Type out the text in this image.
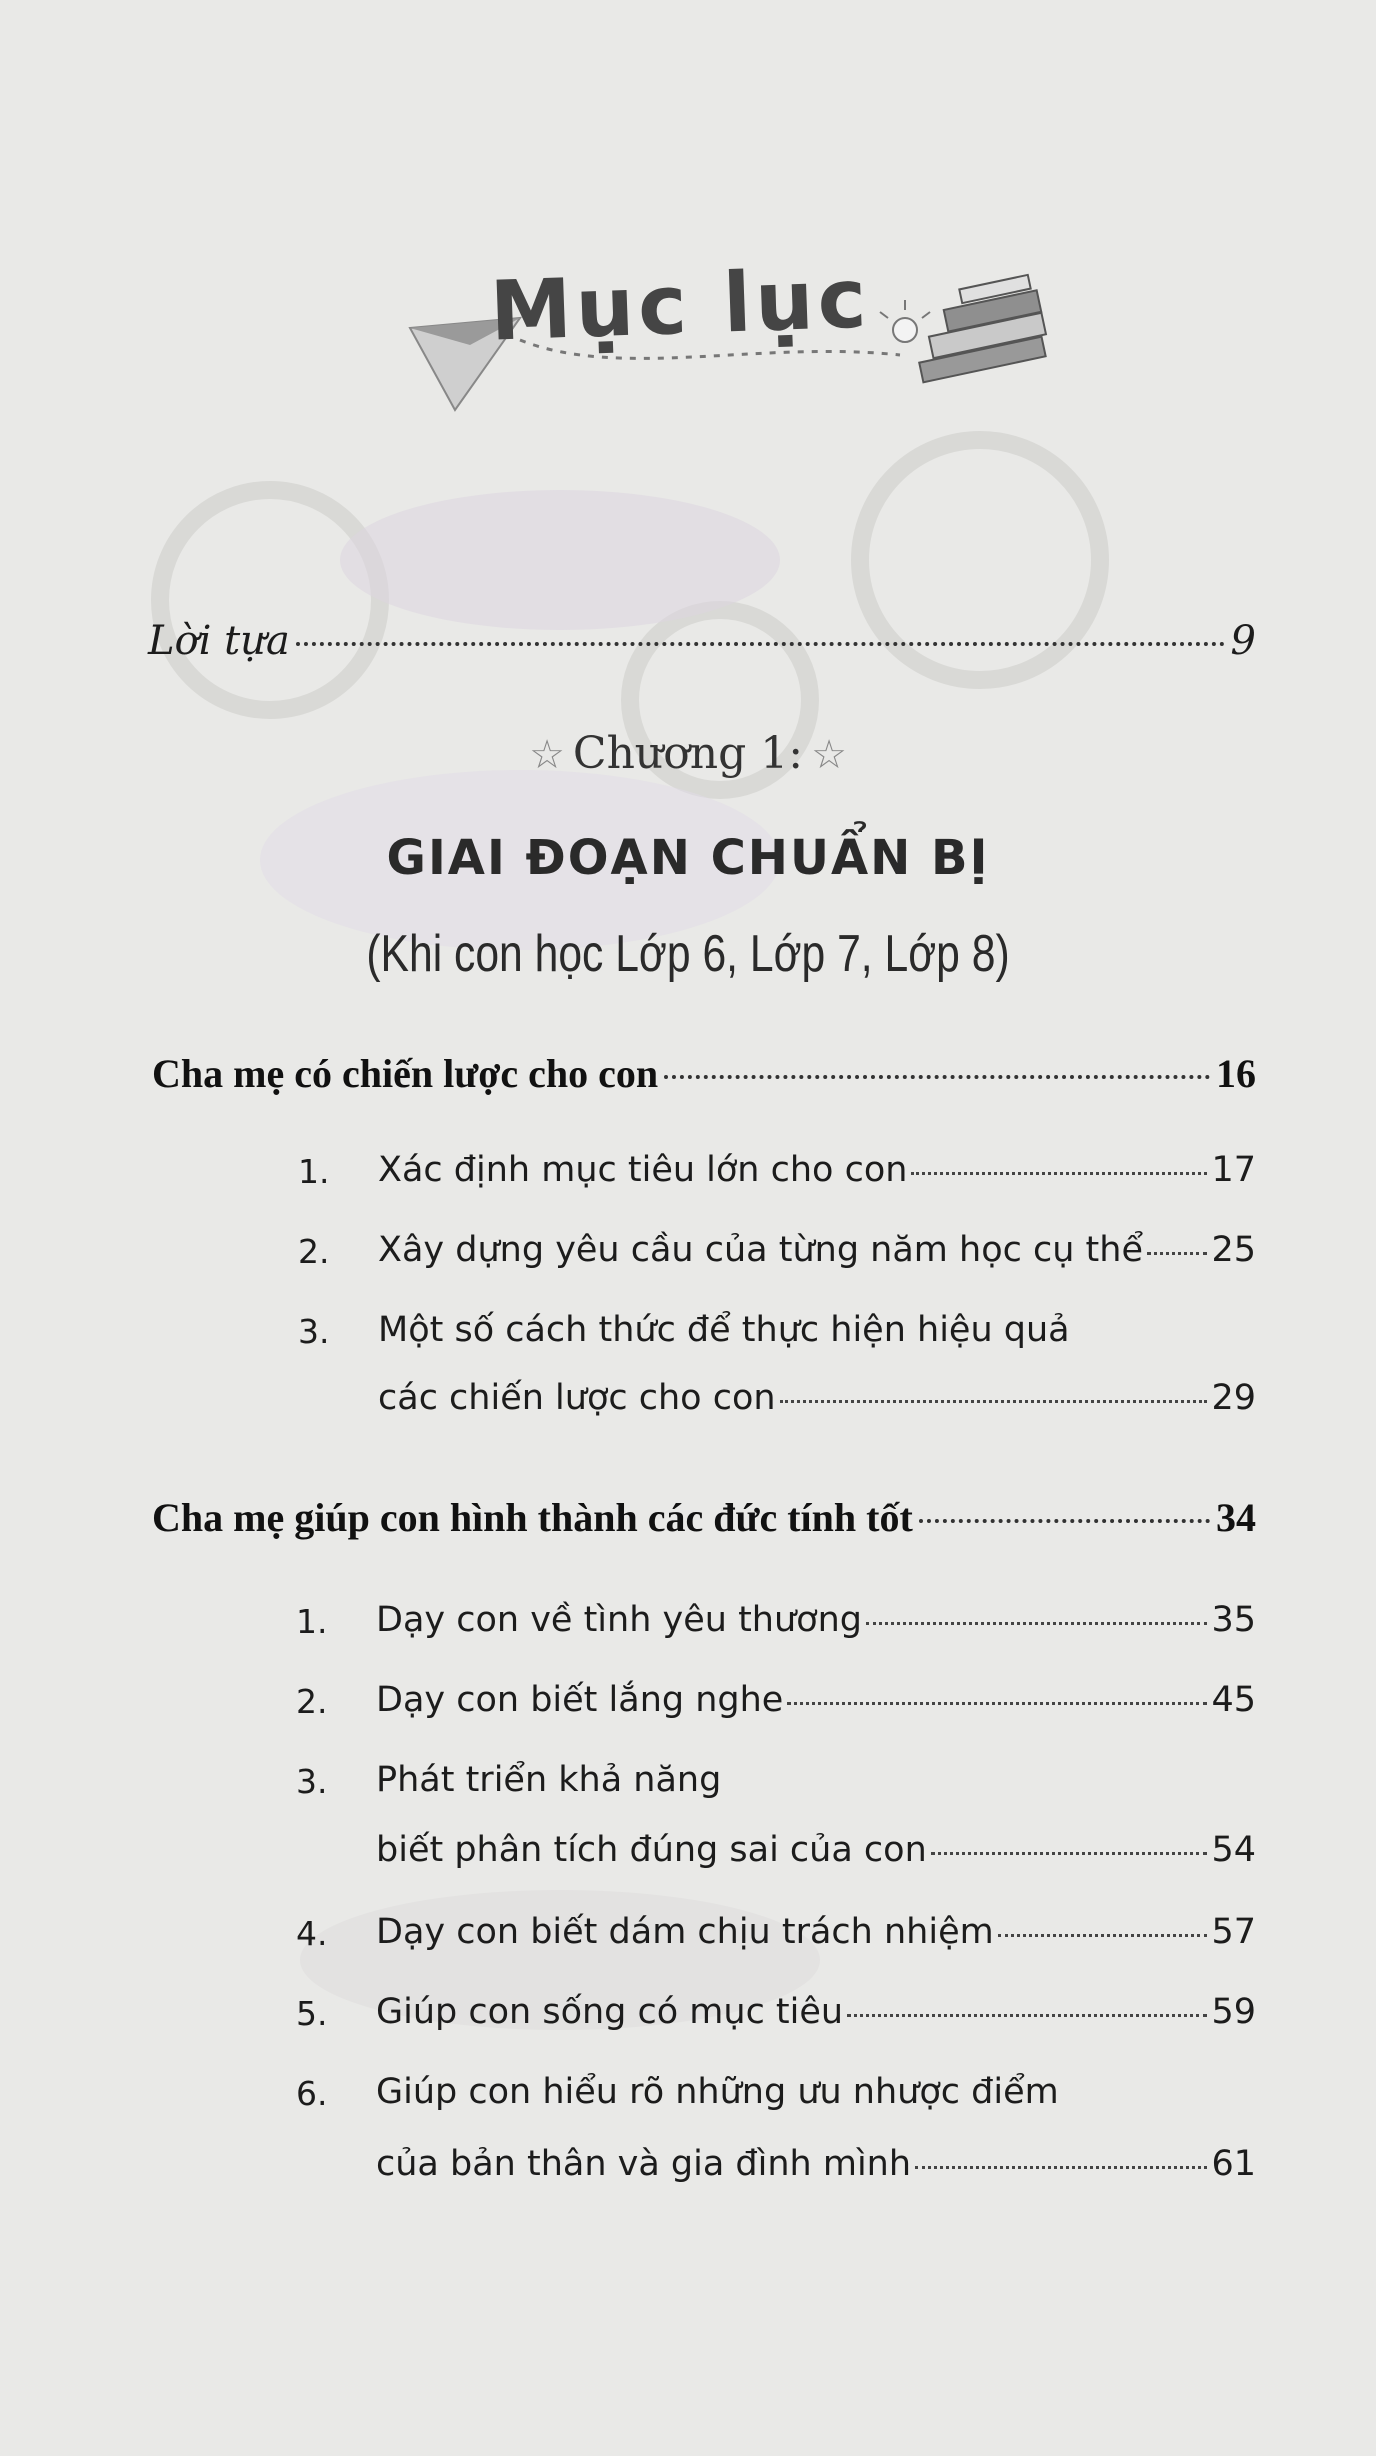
Mục lục
Lời tựa	9
☆ Chương 1: ☆
GIAI ĐOẠN CHUẨN BỊ
(Khi con học Lớp 6, Lớp 7, Lớp 8)
Cha mẹ có chiến lược cho con	16
1. Xác định mục tiêu lớn cho con	17
2. Xây dựng yêu cầu của từng năm học cụ thể 25
3. Một số cách thức để thực hiện hiệu quả
các chiến lược cho con	29
Cha mẹ giúp con hình thành các đức tính tốt	34
1. Dạy con về tình yêu thương	35
2. Dạy con biết lắng nghe	45
3. Phát triển khả năng
biết phân tích đúng sai của con	54
4. Dạy con biết dám chịu trách nhiệm	57
5. Giúp con sống có mục tiêu	59
6. Giúp con hiểu rõ những ưu nhược điểm
của bản thân và gia đình mình	61
